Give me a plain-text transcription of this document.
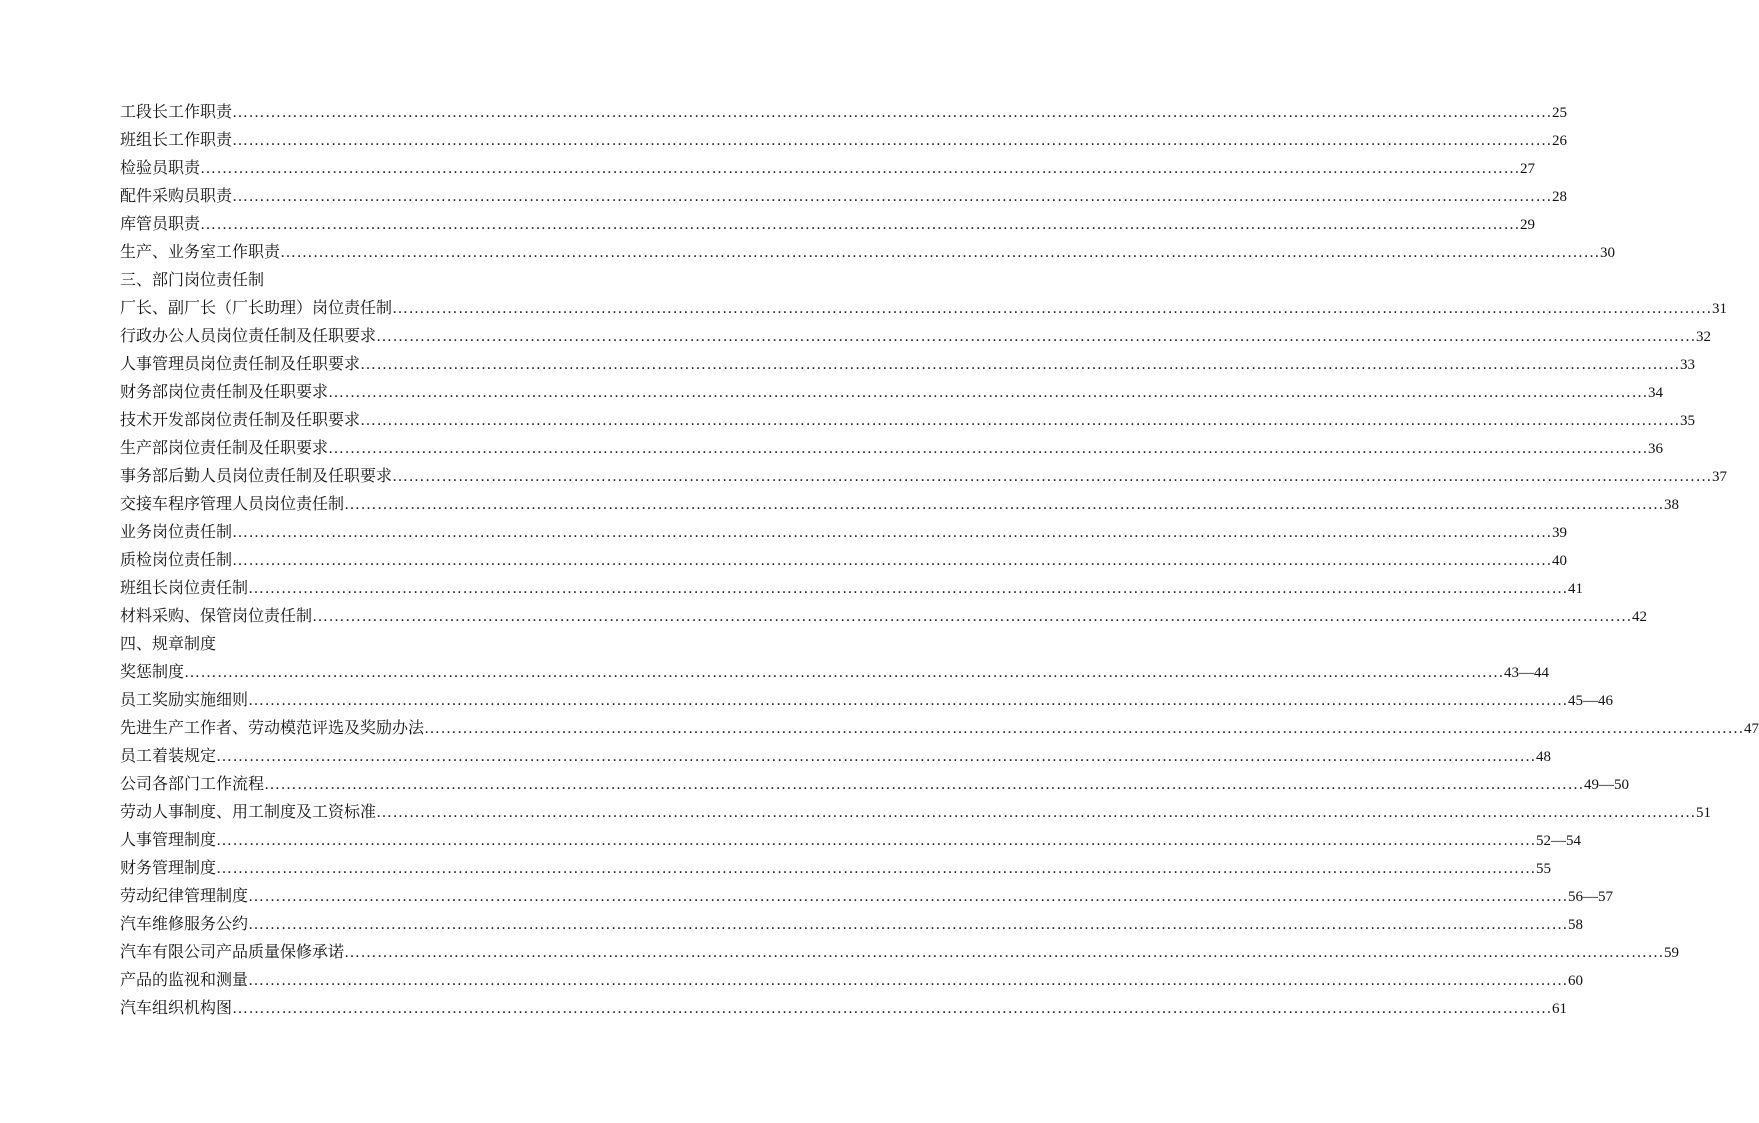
工段长工作职责 …………………………………………………………………………………………………………………………………………………………………………………………………………………… 25
班组长工作职责 …………………………………………………………………………………………………………………………………………………………………………………………………………………… 26
检验员职责 …………………………………………………………………………………………………………………………………………………………………………………………………………………… 27
配件采购员职责 …………………………………………………………………………………………………………………………………………………………………………………………………………………… 28
库管员职责 …………………………………………………………………………………………………………………………………………………………………………………………………………………… 29
生产、业务室工作职责 …………………………………………………………………………………………………………………………………………………………………………………………………………………… 30
三、部门岗位责任制
厂长、副厂长（厂长助理）岗位责任制 …………………………………………………………………………………………………………………………………………………………………………………………………………………… 31
行政办公人员岗位责任制及任职要求 …………………………………………………………………………………………………………………………………………………………………………………………………………………… 32
人事管理员岗位责任制及任职要求 …………………………………………………………………………………………………………………………………………………………………………………………………………………… 33
财务部岗位责任制及任职要求 …………………………………………………………………………………………………………………………………………………………………………………………………………………… 34
技术开发部岗位责任制及任职要求 …………………………………………………………………………………………………………………………………………………………………………………………………………………… 35
生产部岗位责任制及任职要求 …………………………………………………………………………………………………………………………………………………………………………………………………………………… 36
事务部后勤人员岗位责任制及任职要求 …………………………………………………………………………………………………………………………………………………………………………………………………………………… 37
交接车程序管理人员岗位责任制 …………………………………………………………………………………………………………………………………………………………………………………………………………………… 38
业务岗位责任制 …………………………………………………………………………………………………………………………………………………………………………………………………………………… 39
质检岗位责任制 …………………………………………………………………………………………………………………………………………………………………………………………………………………… 40
班组长岗位责任制 …………………………………………………………………………………………………………………………………………………………………………………………………………………… 41
材料采购、保管岗位责任制 …………………………………………………………………………………………………………………………………………………………………………………………………………………… 42
四、规章制度
奖惩制度 …………………………………………………………………………………………………………………………………………………………………………………………………………………… 43—44
员工奖励实施细则 …………………………………………………………………………………………………………………………………………………………………………………………………………………… 45—46
先进生产工作者、劳动模范评选及奖励办法 …………………………………………………………………………………………………………………………………………………………………………………………………………………… 47
员工着装规定 …………………………………………………………………………………………………………………………………………………………………………………………………………………… 48
公司各部门工作流程 …………………………………………………………………………………………………………………………………………………………………………………………………………………… 49—50
劳动人事制度、用工制度及工资标准 …………………………………………………………………………………………………………………………………………………………………………………………………………………… 51
人事管理制度 …………………………………………………………………………………………………………………………………………………………………………………………………………………… 52—54
财务管理制度 …………………………………………………………………………………………………………………………………………………………………………………………………………………… 55
劳动纪律管理制度 …………………………………………………………………………………………………………………………………………………………………………………………………………………… 56—57
汽车维修服务公约 …………………………………………………………………………………………………………………………………………………………………………………………………………………… 58
汽车有限公司产品质量保修承诺 …………………………………………………………………………………………………………………………………………………………………………………………………………………… 59
产品的监视和测量 …………………………………………………………………………………………………………………………………………………………………………………………………………………… 60
汽车组织机构图 …………………………………………………………………………………………………………………………………………………………………………………………………………………… 61
